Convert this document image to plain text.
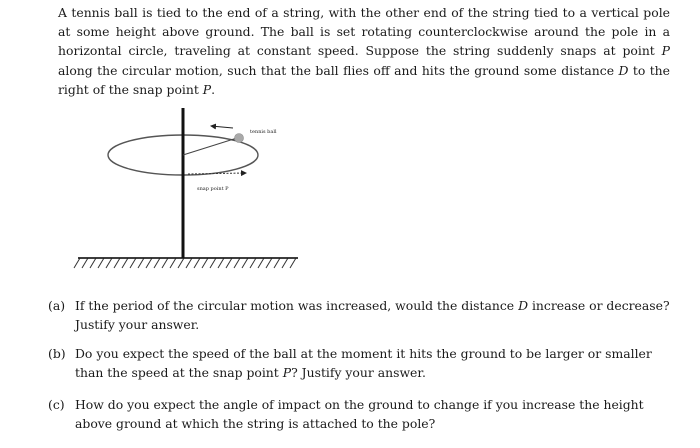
A tennis ball is tied to the end of a string, with the other end of the string tied to a vertical pole at some height above ground. The ball is set rotating counterclockwise around the pole in a horizontal circle, traveling at constant speed. Suppose the string suddenly snaps at point P along the circular motion, such that the ball flies off and hits the ground some distance D to the right of the snap point P.

tennis ball
snap point P
(a) If the period of the circular motion was increased, would the distance D increase or decrease? Justify your answer.
(b) Do you expect the speed of the ball at the moment it hits the ground to be larger or smaller than the speed at the snap point P? Justify your answer.
(c) How do you expect the angle of impact on the ground to change if you increase the height above ground at which the string is attached to the pole?
